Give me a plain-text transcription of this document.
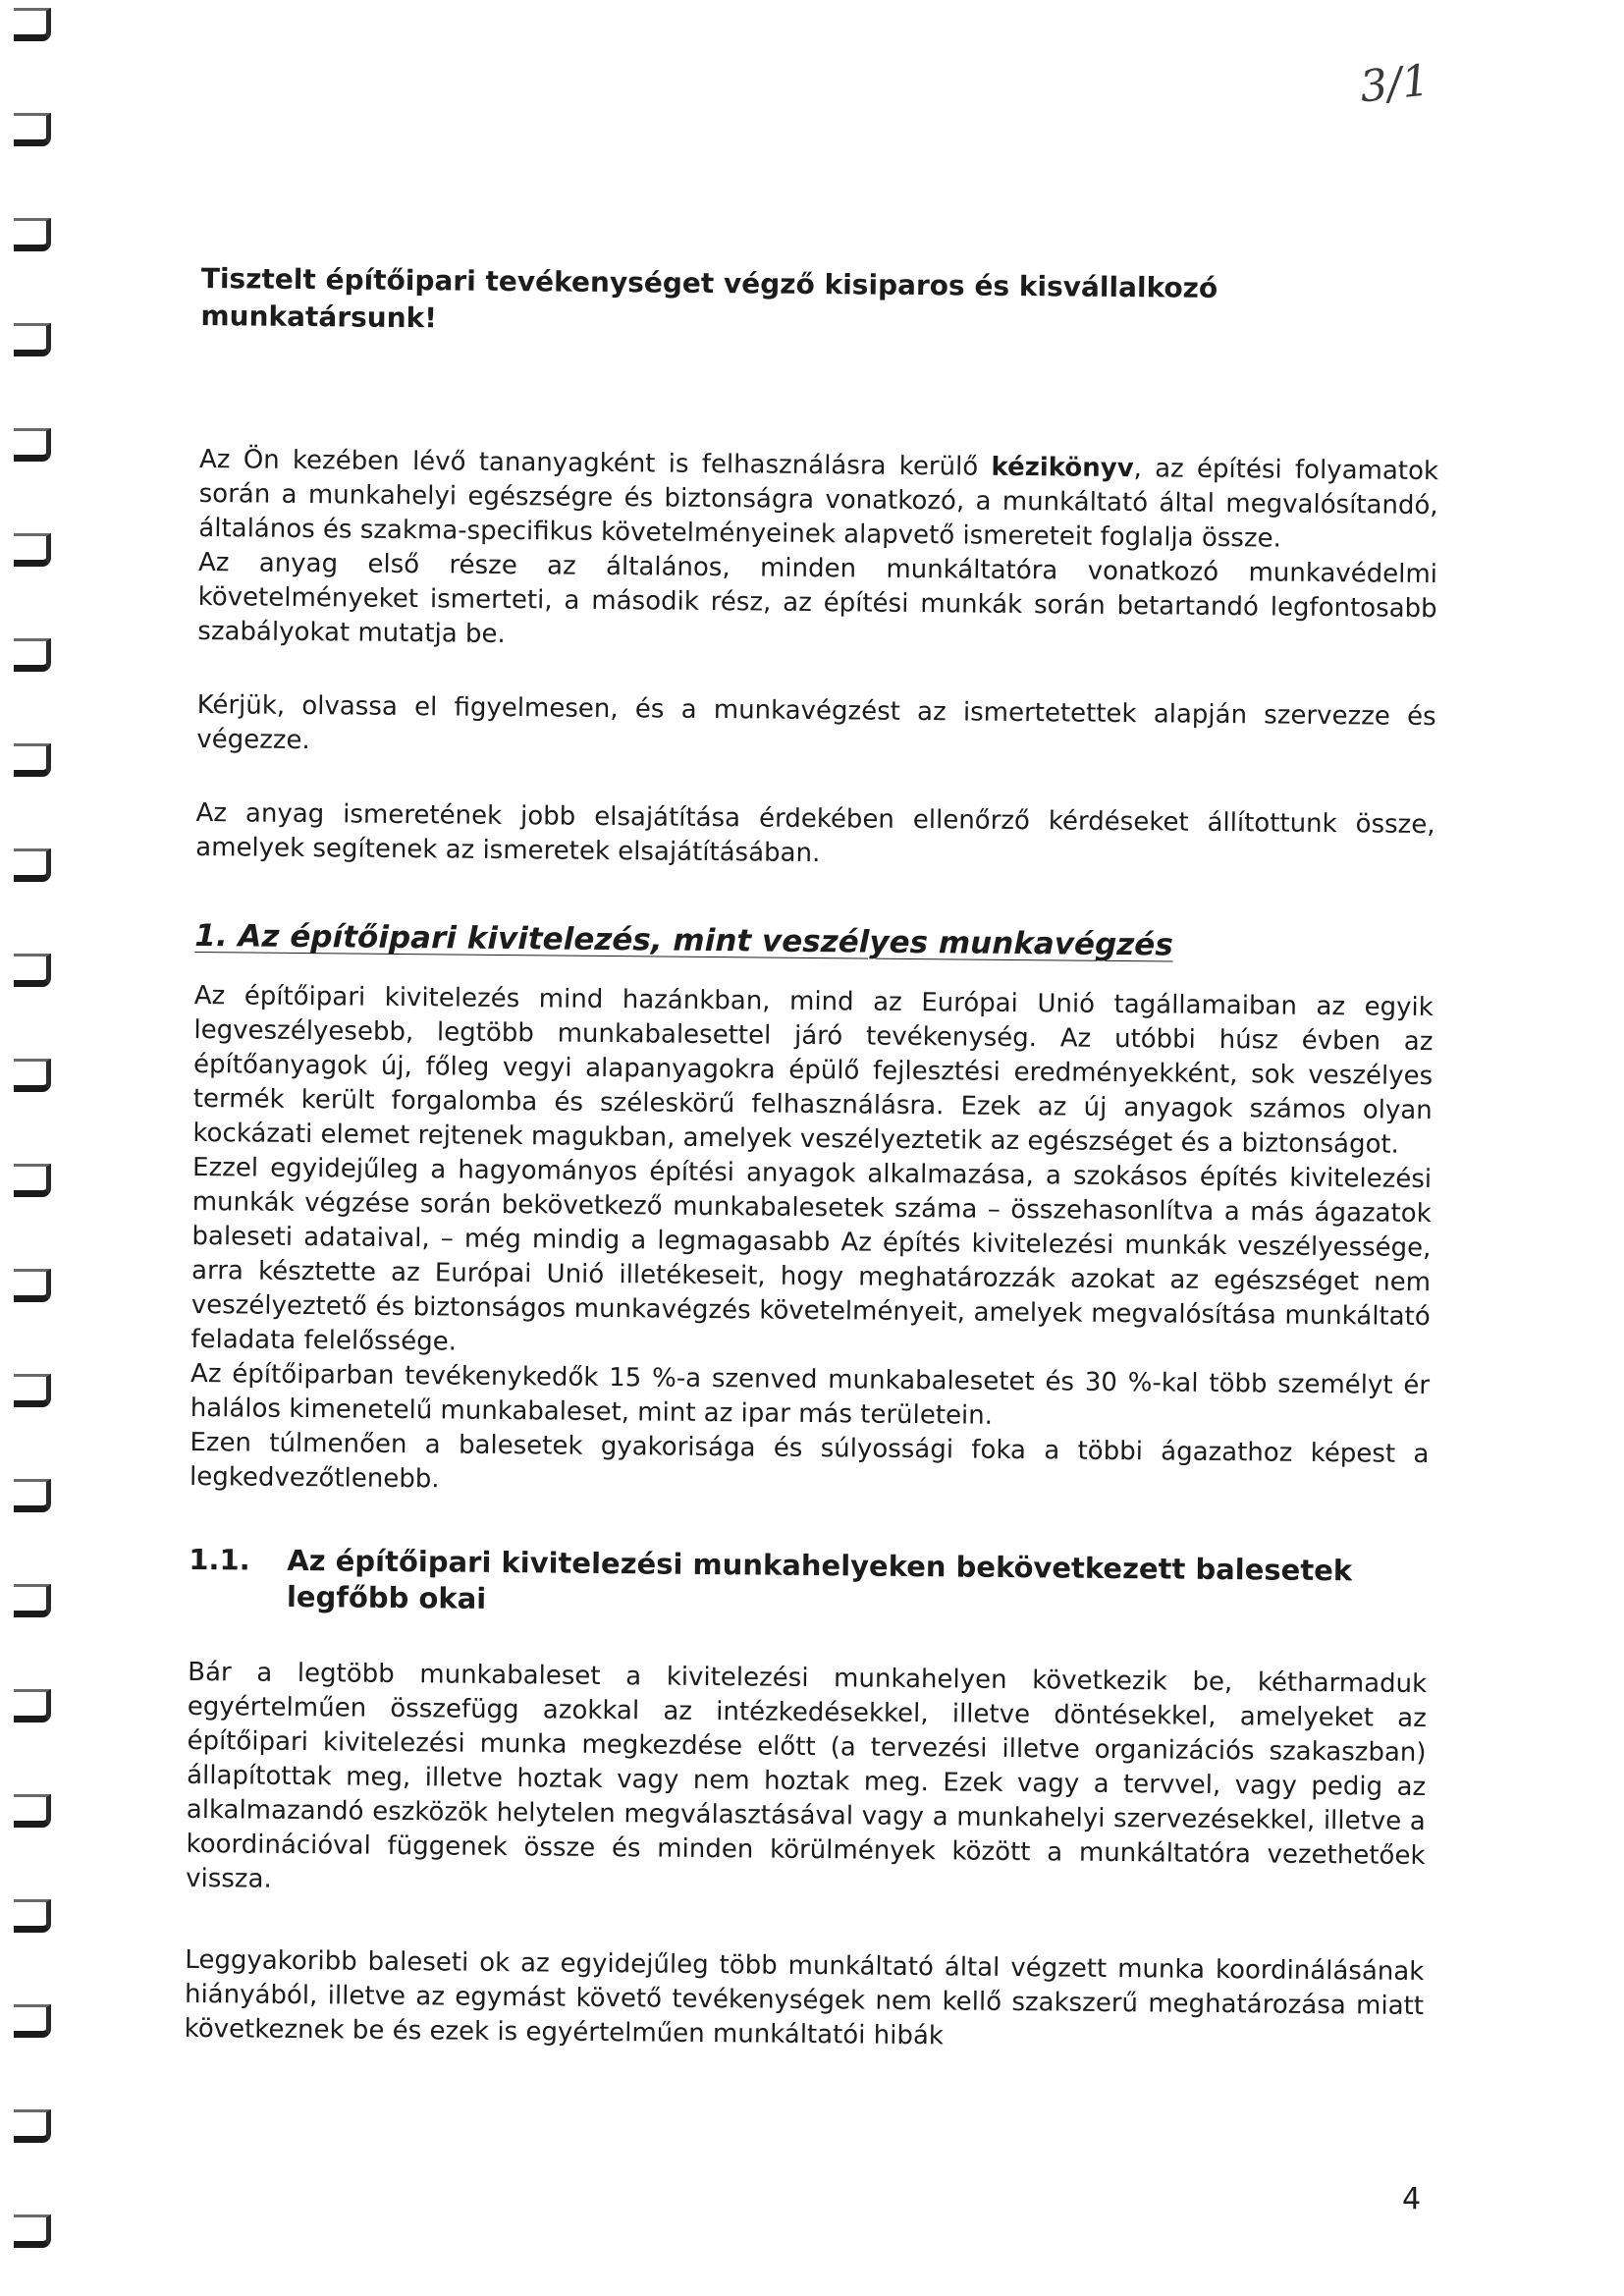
3/1
Tisztelt építőipari tevékenységet végző kisiparos és kisvállalkozó munkatársunk!

Az Ön kezében lévő tananyagként is felhasználásra kerülő kézikönyv, az építési folyamatok során a munkahelyi egészségre és biztonságra vonatkozó, a munkáltató által megvalósítandó, általános és szakma-specifikus követelményeinek alapvető ismereteit foglalja össze.

Az anyag első része az általános, minden munkáltatóra vonatkozó munkavédelmi követelményeket ismerteti, a második rész, az építési munkák során betartandó legfontosabb szabályokat mutatja be.

Kérjük, olvassa el figyelmesen, és a munkavégzést az ismertetettek alapján szervezze és végezze.

Az anyag ismeretének jobb elsajátítása érdekében ellenőrző kérdéseket állítottunk össze, amelyek segítenek az ismeretek elsajátításában.

1. Az építőipari kivitelezés, mint veszélyes munkavégzés

Az építőipari kivitelezés mind hazánkban, mind az Európai Unió tagállamaiban az egyik legveszélyesebb, legtöbb munkabalesettel járó tevékenység. Az utóbbi húsz évben az építőanyagok új, főleg vegyi alapanyagokra épülő fejlesztési eredményekként, sok veszélyes termék került forgalomba és széleskörű felhasználásra. Ezek az új anyagok számos olyan kockázati elemet rejtenek magukban, amelyek veszélyeztetik az egészséget és a biztonságot.

Ezzel egyidejűleg a hagyományos építési anyagok alkalmazása, a szokásos építés kivitelezési munkák végzése során bekövetkező munkabalesetek száma – összehasonlítva a más ágazatok baleseti adataival, – még mindig a legmagasabb Az építés kivitelezési munkák veszélyessége, arra késztette az Európai Unió illetékeseit, hogy meghatározzák azokat az egészséget nem veszélyeztető és biztonságos munkavégzés követelményeit, amelyek megvalósítása munkáltató feladata felelőssége.

Az építőiparban tevékenykedők 15 %-a szenved munkabalesetet és 30 %-kal több személyt ér halálos kimenetelű munkabaleset, mint az ipar más területein.

Ezen túlmenően a balesetek gyakorisága és súlyossági foka a többi ágazathoz képest a legkedvezőtlenebb.

1.1.	Az építőipari kivitelezési munkahelyeken bekövetkezett balesetek legfőbb okai

Bár a legtöbb munkabaleset a kivitelezési munkahelyen következik be, kétharmaduk egyértelműen összefügg azokkal az intézkedésekkel, illetve döntésekkel, amelyeket az építőipari kivitelezési munka megkezdése előtt (a tervezési illetve organizációs szakaszban) állapítottak meg, illetve hoztak vagy nem hoztak meg. Ezek vagy a tervvel, vagy pedig az alkalmazandó eszközök helytelen megválasztásával vagy a munkahelyi szervezésekkel, illetve a koordinációval függenek össze és minden körülmények között a munkáltatóra vezethetőek vissza.

Leggyakoribb baleseti ok az egyidejűleg több munkáltató által végzett munka koordinálásának hiányából, illetve az egymást követő tevékenységek nem kellő szakszerű meghatározása miatt következnek be és ezek is egyértelműen munkáltatói hibák

4
